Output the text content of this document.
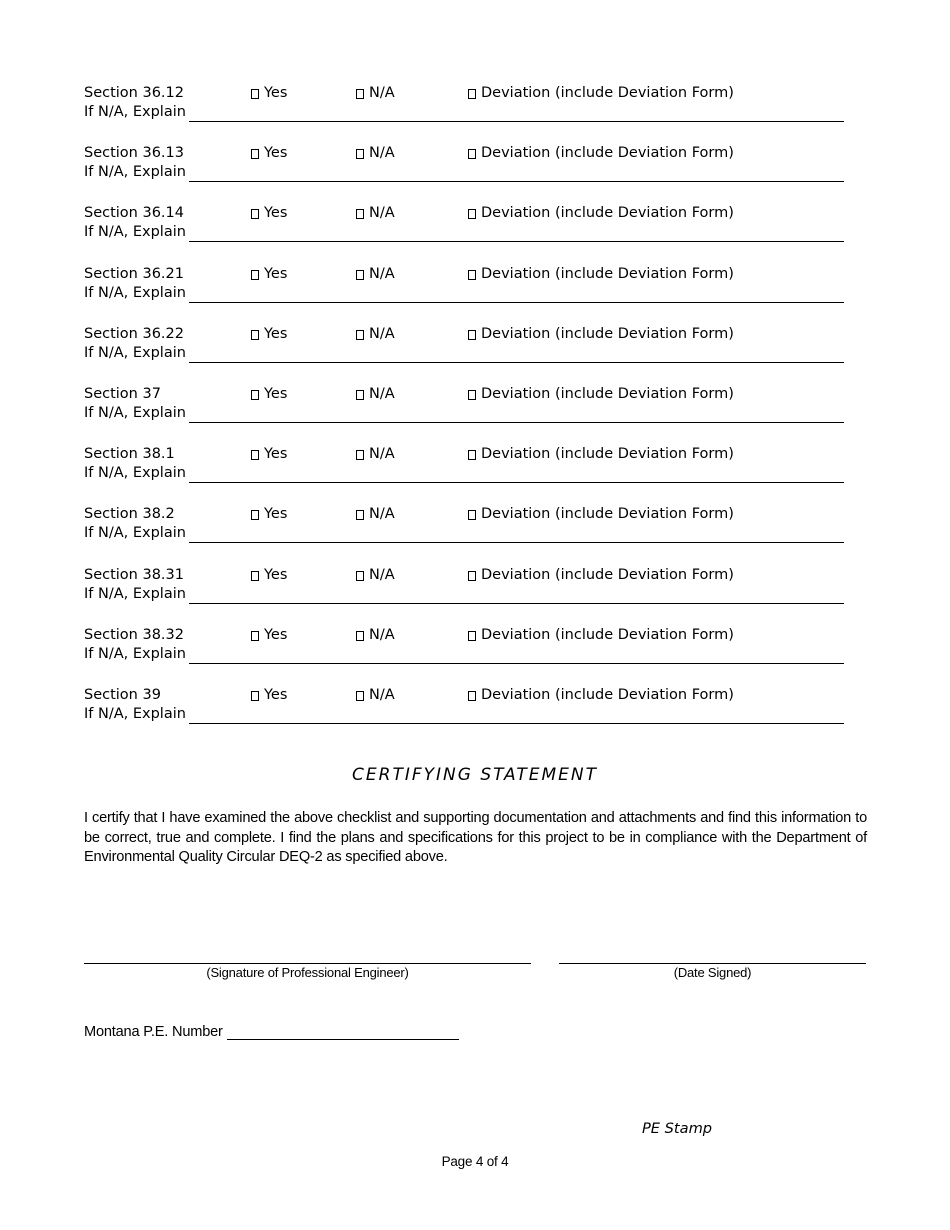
Section 36.12	Yes	N/A	Deviation (include Deviation Form)
If N/A, Explain
Section 36.13	Yes	N/A	Deviation (include Deviation Form)
If N/A, Explain
Section 36.14	Yes	N/A	Deviation (include Deviation Form)
If N/A, Explain
Section 36.21	Yes	N/A	Deviation (include Deviation Form)
If N/A, Explain
Section 36.22	Yes	N/A	Deviation (include Deviation Form)
If N/A, Explain
Section 37	Yes	N/A	Deviation (include Deviation Form)
If N/A, Explain
Section 38.1	Yes	N/A	Deviation (include Deviation Form)
If N/A, Explain
Section 38.2	Yes	N/A	Deviation (include Deviation Form)
If N/A, Explain
Section 38.31	Yes	N/A	Deviation (include Deviation Form)
If N/A, Explain
Section 38.32	Yes	N/A	Deviation (include Deviation Form)
If N/A, Explain
Section 39	Yes	N/A	Deviation (include Deviation Form)
If N/A, Explain
CERTIFYING STATEMENT
I certify that I have examined the above checklist and supporting documentation and attachments and find this information to be correct, true and complete. I find the plans and specifications for this project to be in compliance with the Department of Environmental Quality Circular DEQ-2 as specified above.
(Signature of Professional Engineer)	(Date Signed)
Montana P.E. Number
PE Stamp
Page 4 of 4
